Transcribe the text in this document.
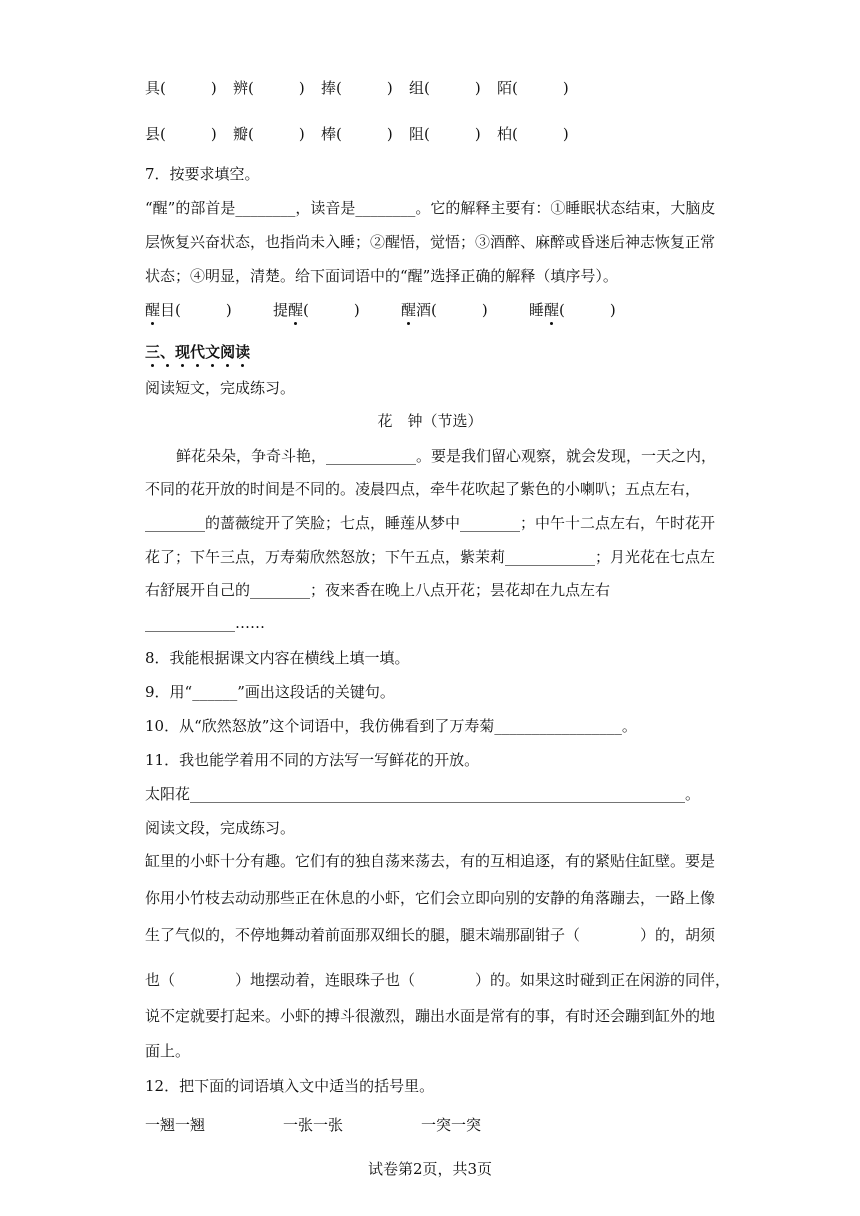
具(　　　) 辨(　　　) 捧(　　　) 组(　　　) 陌(　　　)
县(　　　) 瓣(　　　) 棒(　　　) 阻(　　　) 柏(　　　)
7．按要求填空。
“醒”的部首是________，读音是________。它的解释主要有：①睡眠状态结束，大脑皮
层恢复兴奋状态，也指尚未入睡；②醒悟，觉悟；③酒醉、麻醉或昏迷后神志恢复正常
状态；④明显，清楚。给下面词语中的“醒”选择正确的解释（填序号）。
醒目(　　　)	提醒(　　　)	醒酒(　　　)	睡醒(　　　)
三、现代文阅读
阅读短文，完成练习。
花　钟（节选）
鲜花朵朵，争奇斗艳，____________。要是我们留心观察，就会发现，一天之内，
不同的花开放的时间是不同的。凌晨四点，牵牛花吹起了紫色的小喇叭；五点左右，
________的蔷薇绽开了笑脸；七点，睡莲从梦中________；中午十二点左右，午时花开
花了；下午三点，万寿菊欣然怒放；下午五点，紫茉莉____________；月光花在七点左
右舒展开自己的________；夜来香在晚上八点开花；昙花却在九点左右
____________……
8．我能根据课文内容在横线上填一填。
9．用“______”画出这段话的关键句。
10．从“欣然怒放”这个词语中，我仿佛看到了万寿菊_________________。
11．我也能学着用不同的方法写一写鲜花的开放。
太阳花__________________________________________________________________。
阅读文段，完成练习。
缸里的小虾十分有趣。它们有的独自荡来荡去，有的互相追逐，有的紧贴住缸壁。要是
你用小竹枝去动动那些正在休息的小虾，它们会立即向别的安静的角落蹦去，一路上像
生了气似的，不停地舞动着前面那双细长的腿，腿末端那副钳子（　　　　）的，胡须
也（　　　　）地摆动着，连眼珠子也（　　　　）的。如果这时碰到正在闲游的同伴，
说不定就要打起来。小虾的搏斗很激烈，蹦出水面是常有的事，有时还会蹦到缸外的地
面上。
12．把下面的词语填入文中适当的括号里。
一翘一翘	一张一张	一突一突
试卷第2页，共3页
